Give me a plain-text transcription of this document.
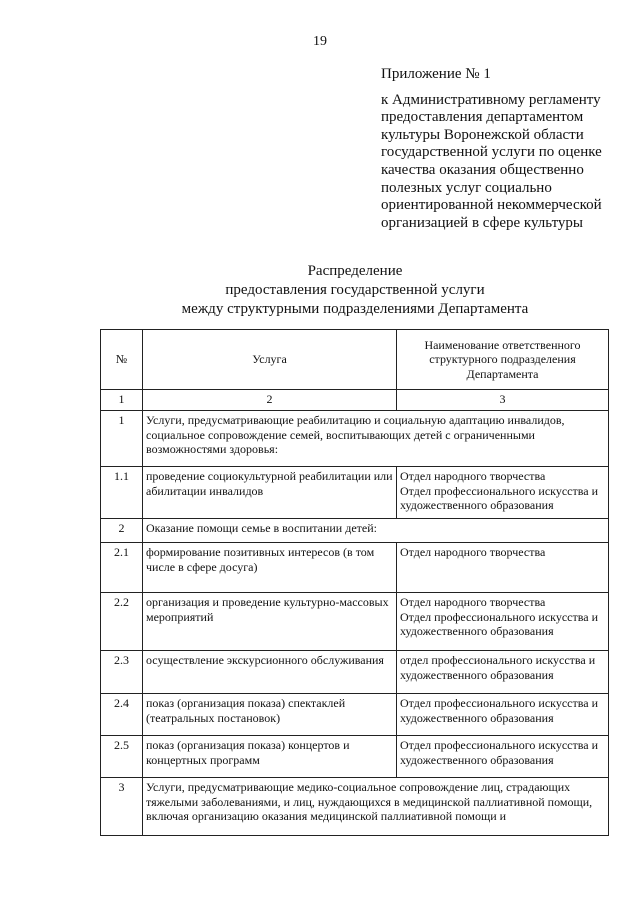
19
Приложение № 1
к Административному регламенту
предоставления департаментом
культуры Воронежской области
государственной услуги по оценке
качества оказания общественно
полезных услуг социально
ориентированной некоммерческой
организацией в сфере культуры
Распределение
предоставления государственной услуги
между структурными подразделениями Департамента
№	Услуга	Наименование ответственного структурного подразделения Департамента
1	2	3
1	Услуги, предусматривающие реабилитацию и социальную адаптацию инвалидов, социальное сопровождение семей, воспитывающих детей с ограниченными возможностями здоровья:	
1.1	проведение социокультурной реабилитации или абилитации инвалидов	Отдел народного творчества
Отдел профессионального искусства и художественного образования

2	Оказание помощи семье в воспитании детей:	
2.1	формирование позитивных интересов (в том числе в сфере досуга)	Отдел народного творчества

2.2	организация и проведение культурно-массовых мероприятий	Отдел народного творчества
Отдел профессионального искусства и художественного образования

2.3	осуществление экскурсионного обслуживания	отдел профессионального искусства и художественного образования

2.4	показ (организация показа) спектаклей (театральных постановок)	Отдел профессионального искусства и художественного образования

2.5	показ (организация показа) концертов и концертных программ	Отдел профессионального искусства и художественного образования

3	Услуги, предусматривающие медико-социальное сопровождение лиц, страдающих тяжелыми заболеваниями, и лиц, нуждающихся в медицинской паллиативной помощи, включая организацию оказания медицинской паллиативной помощи и	
